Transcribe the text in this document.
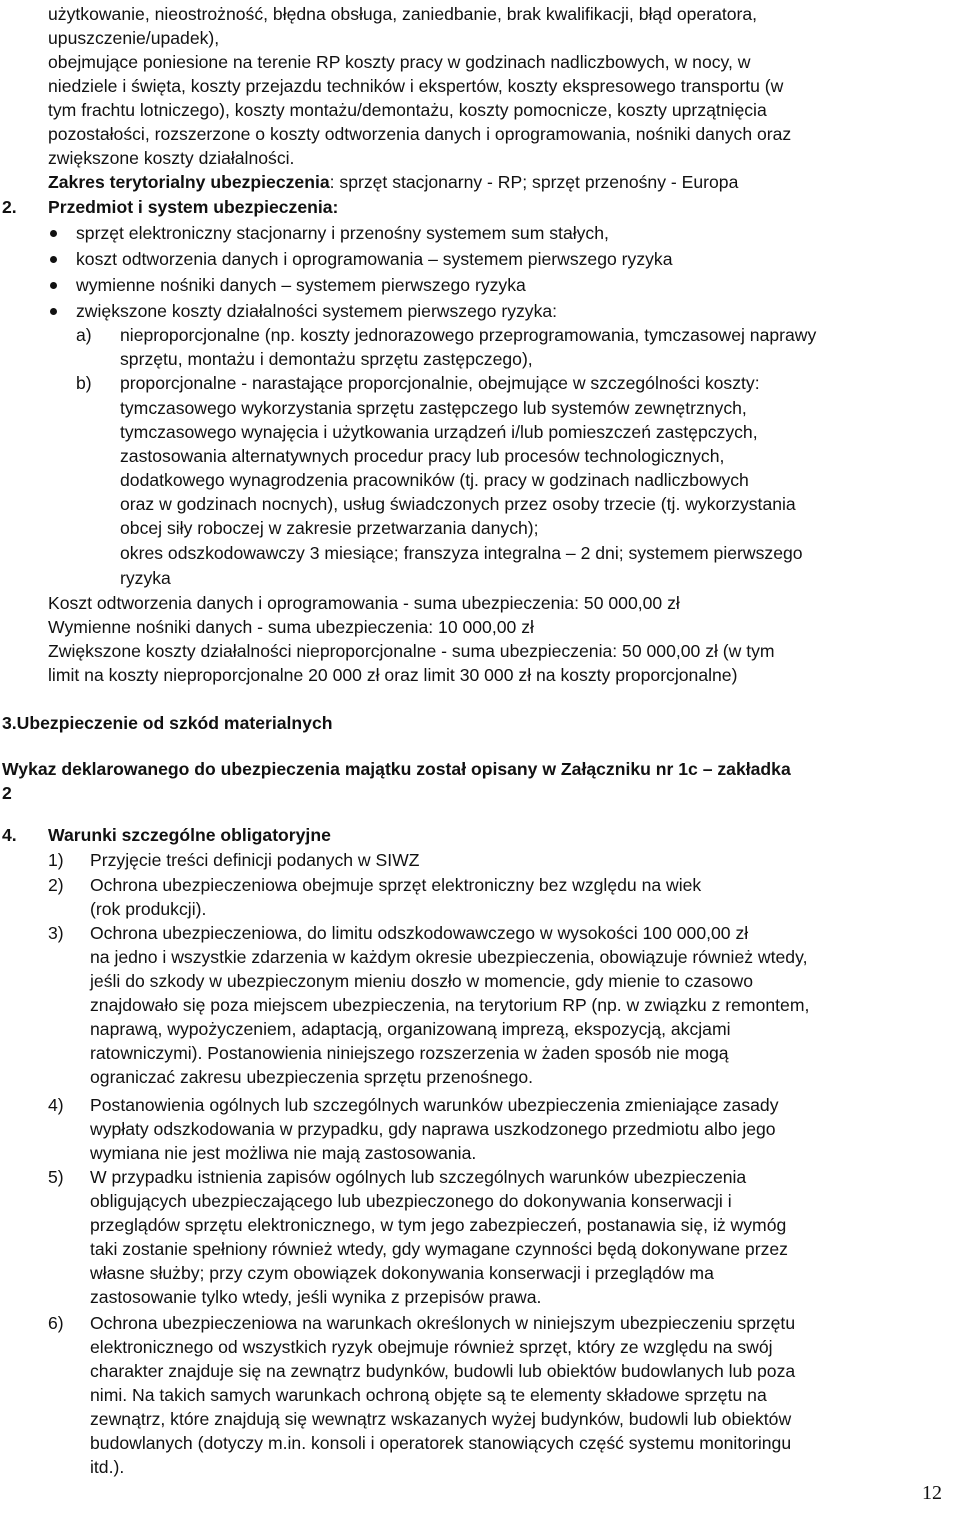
użytkowanie, nieostrożność, błędna obsługa, zaniedbanie, brak kwalifikacji, błąd operatora,

upuszczenie/upadek),

obejmujące poniesione na terenie RP koszty pracy w godzinach nadliczbowych, w nocy, w

niedziele i święta, koszty przejazdu techników i ekspertów, koszty ekspresowego transportu (w

tym frachtu lotniczego), koszty montażu/demontażu, koszty pomocnicze, koszty uprzątnięcia

pozostałości, rozszerzone o koszty odtworzenia danych i oprogramowania, nośniki danych oraz

zwiększone koszty działalności.

Zakres terytorialny ubezpieczenia: sprzęt stacjonarny - RP; sprzęt przenośny - Europa

2. Przedmiot i system ubezpieczenia:

sprzęt elektroniczny stacjonarny i przenośny systemem sum stałych,

koszt odtworzenia danych i oprogramowania – systemem pierwszego ryzyka

wymienne nośniki danych – systemem pierwszego ryzyka

zwiększone koszty działalności systemem pierwszego ryzyka:

a) nieproporcjonalne (np. koszty jednorazowego przeprogramowania, tymczasowej naprawy

sprzętu, montażu i demontażu sprzętu zastępczego),

b) proporcjonalne - narastające proporcjonalnie, obejmujące w szczególności koszty:

tymczasowego wykorzystania sprzętu zastępczego lub systemów zewnętrznych,

tymczasowego wynajęcia i użytkowania urządzeń i/lub pomieszczeń zastępczych,

zastosowania alternatywnych procedur pracy lub procesów technologicznych,

dodatkowego wynagrodzenia pracowników (tj. pracy w godzinach nadliczbowych

oraz w godzinach nocnych), usług świadczonych przez osoby trzecie (tj. wykorzystania

obcej siły roboczej w zakresie przetwarzania danych);

okres odszkodowawczy 3 miesiące; franszyza integralna – 2 dni; systemem pierwszego

ryzyka

Koszt odtworzenia danych i oprogramowania - suma ubezpieczenia: 50 000,00 zł

Wymienne nośniki danych - suma ubezpieczenia: 10 000,00 zł

Zwiększone koszty działalności nieproporcjonalne - suma ubezpieczenia: 50 000,00 zł (w tym

limit na koszty nieproporcjonalne 20 000 zł oraz limit 30 000 zł na koszty proporcjonalne)

3.Ubezpieczenie od szkód materialnych

Wykaz deklarowanego do ubezpieczenia majątku został opisany w Załączniku nr 1c – zakładka

2

4. Warunki szczególne obligatoryjne

1) Przyjęcie treści definicji podanych w SIWZ

2) Ochrona ubezpieczeniowa obejmuje sprzęt elektroniczny bez względu na wiek

(rok produkcji).

3) Ochrona ubezpieczeniowa, do limitu odszkodowawczego w wysokości 100 000,00 zł

na jedno i wszystkie zdarzenia w każdym okresie ubezpieczenia, obowiązuje również wtedy,

jeśli do szkody w ubezpieczonym mieniu doszło w momencie, gdy mienie to czasowo

znajdowało się poza miejscem ubezpieczenia, na terytorium RP (np. w związku z remontem,

naprawą, wypożyczeniem, adaptacją, organizowaną imprezą, ekspozycją, akcjami

ratowniczymi). Postanowienia niniejszego rozszerzenia w żaden sposób nie mogą

ograniczać zakresu ubezpieczenia sprzętu przenośnego.

4) Postanowienia ogólnych lub szczególnych warunków ubezpieczenia zmieniające zasady

wypłaty odszkodowania w przypadku, gdy naprawa uszkodzonego przedmiotu albo jego

wymiana nie jest możliwa nie mają zastosowania.

5) W przypadku istnienia zapisów ogólnych lub szczególnych warunków ubezpieczenia

obligujących ubezpieczającego lub ubezpieczonego do dokonywania konserwacji i

przeglądów sprzętu elektronicznego, w tym jego zabezpieczeń, postanawia się, iż wymóg

taki zostanie spełniony również wtedy, gdy wymagane czynności będą dokonywane przez

własne służby; przy czym obowiązek dokonywania konserwacji i przeglądów ma

zastosowanie tylko wtedy, jeśli wynika z przepisów prawa.

6) Ochrona ubezpieczeniowa na warunkach określonych w niniejszym ubezpieczeniu sprzętu

elektronicznego od wszystkich ryzyk obejmuje również sprzęt, który ze względu na swój

charakter znajduje się na zewnątrz budynków, budowli lub obiektów budowlanych lub poza

nimi. Na takich samych warunkach ochroną objęte są te elementy składowe sprzętu na

zewnątrz, które znajdują się wewnątrz wskazanych wyżej budynków, budowli lub obiektów

budowlanych (dotyczy m.in. konsoli i operatorek stanowiących część systemu monitoringu

itd.).

12
